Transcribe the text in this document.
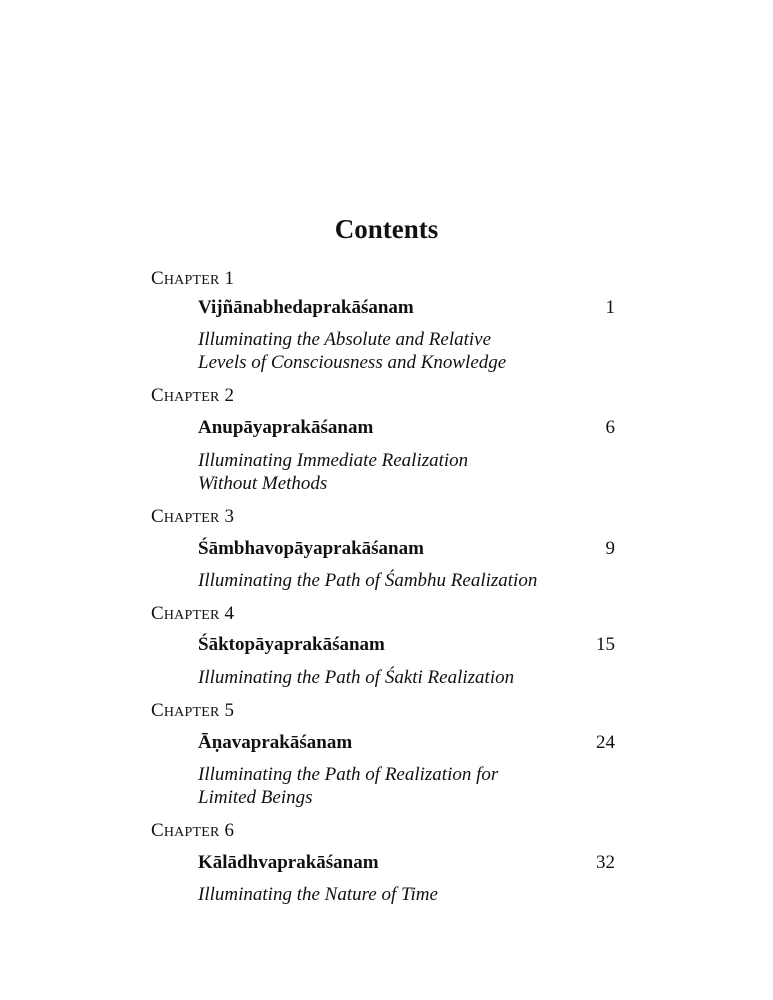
Contents
CHAPTER 1
Vijñānabhedaprakāśanam	1
Illuminating the Absolute and Relative
Levels of Consciousness and Knowledge
CHAPTER 2
Anupāyaprakāśanam	6
Illuminating Immediate Realization
Without Methods
CHAPTER 3
Śāmbhavopāyaprakāśanam	9
Illuminating the Path of Śambhu Realization
CHAPTER 4
Śāktopāyaprakāśanam	15
Illuminating the Path of Śakti Realization
CHAPTER 5
Āṇavaprakāśanam	24
Illuminating the Path of Realization for
Limited Beings
CHAPTER 6
Kālādhvaprakāśanam	32
Illuminating the Nature of Time
